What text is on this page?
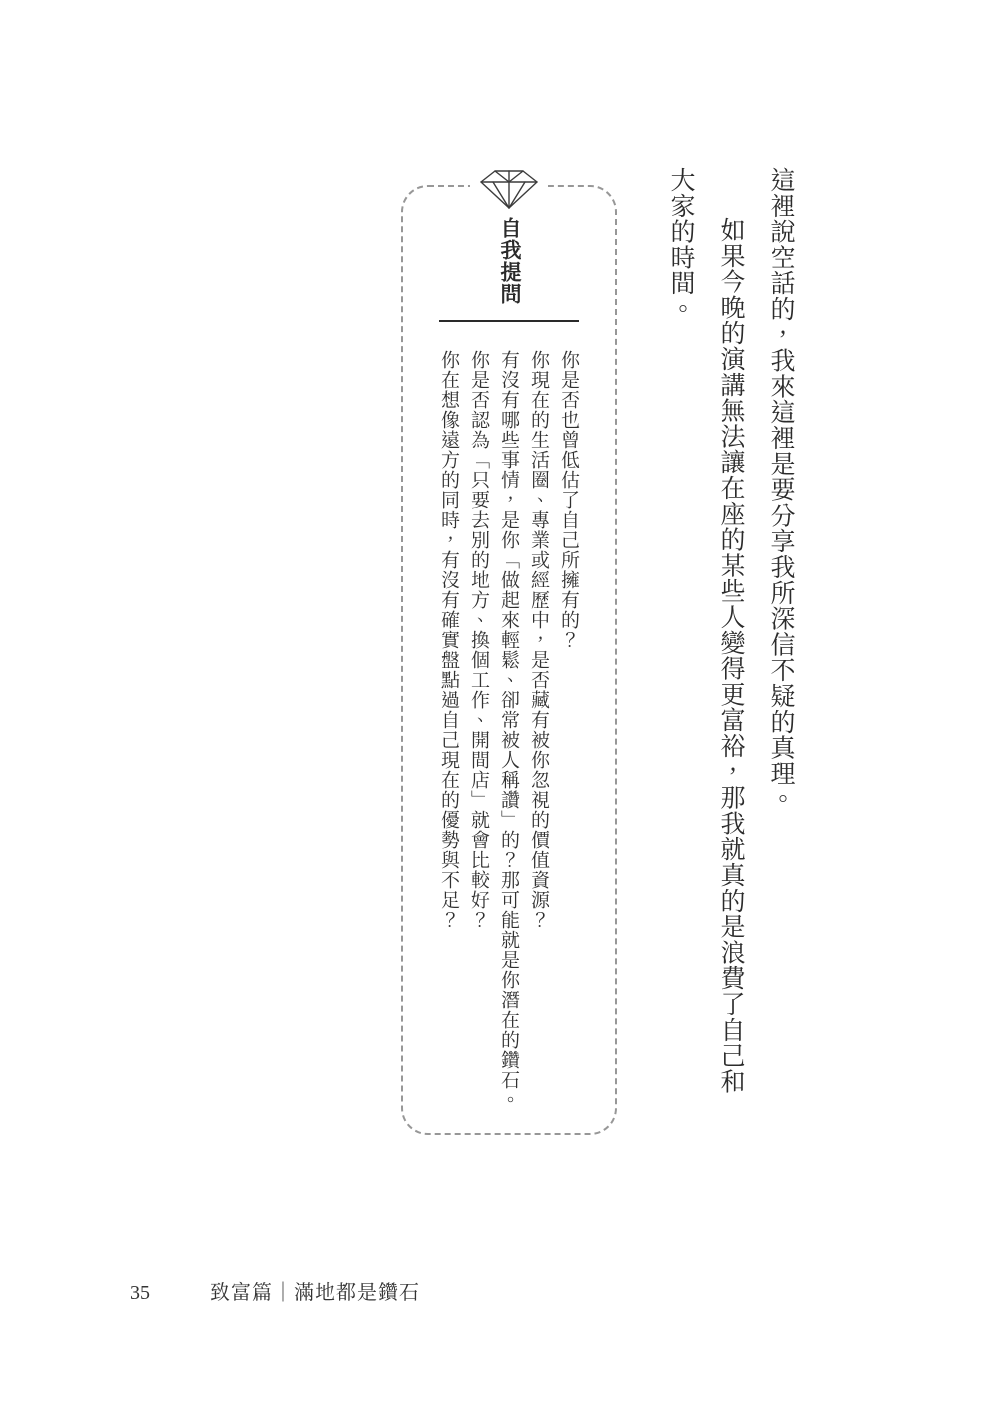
這裡說空話的，我來這裡是要分享我所深信不疑的真理。

如果今晚的演講無法讓在座的某些人變得更富裕，那我就真的是浪費了自己和大家的時間。

自我提問

你是否也曾低估了自己所擁有的？

你現在的生活圈、專業或經歷中，是否藏有被你忽視的價值資源？

有沒有哪些事情，是你「做起來輕鬆、卻常被人稱讚」的？那可能就是你潛在的鑽石。

你是否認為「只要去別的地方、換個工作、開間店」就會比較好？

你在想像遠方的同時，有沒有確實盤點過自己現在的優勢與不足？

35	致富篇｜滿地都是鑽石
